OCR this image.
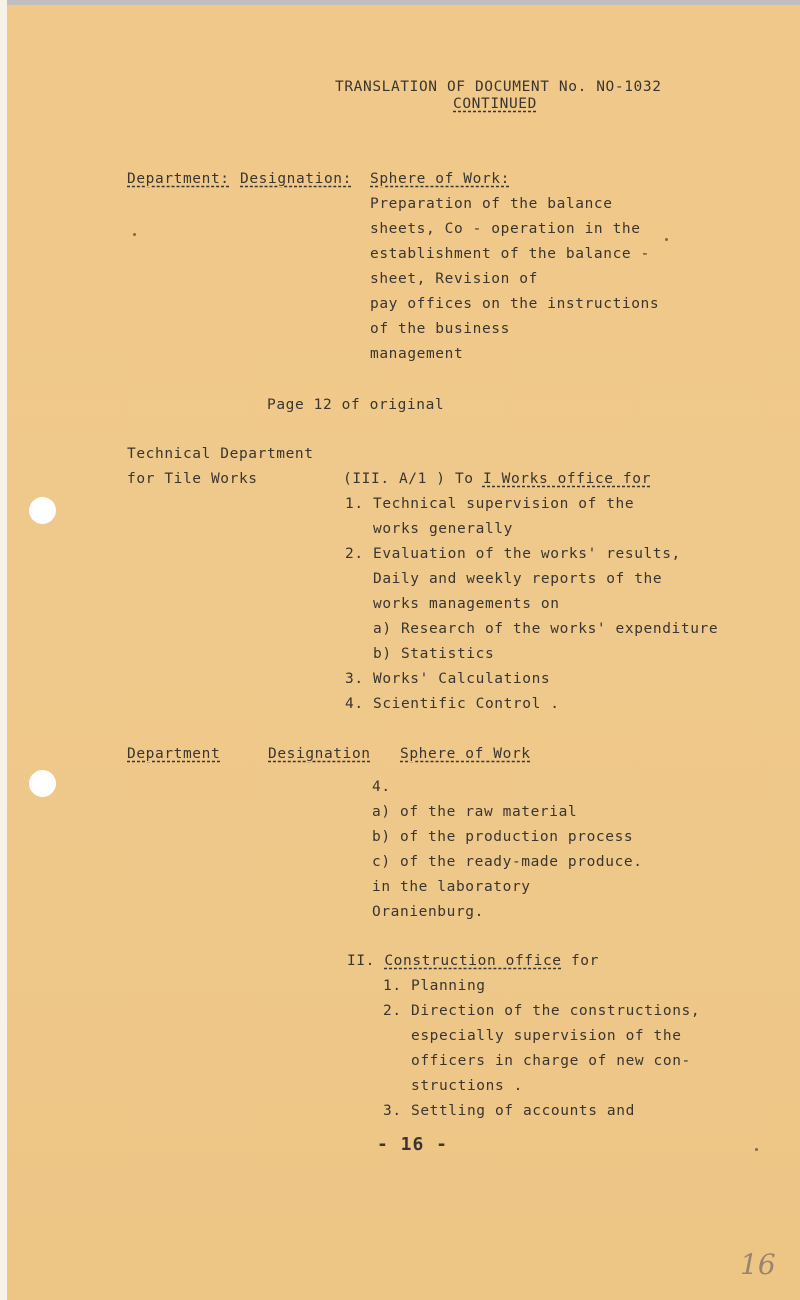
TRANSLATION OF DOCUMENT No. NO-1032
CONTINUED
Department: Designation: Sphere of Work:
Preparation of the balance
sheets, Co - operation in the
establishment of the balance -
sheet, Revision of
pay offices on the instructions
of the business
management
Page 12 of original
Technical Department
for Tile Works	(III. A/1 ) To I Works office for
1. Technical supervision of the
works generally
2. Evaluation of the works' results,
Daily and weekly reports of the
works managements on
a) Research of the works' expenditure
b) Statistics
3. Works' Calculations
4. Scientific Control .
Department	Designation Sphere of Work
4.
a) of the raw material
b) of the production process
c) of the ready-made produce.
in the laboratory
Oranienburg.
II. Construction office for
1. Planning
2. Direction of the constructions,
especially supervision of the
officers in charge of new con-
structions .
3. Settling of accounts and
- 16 -
16
